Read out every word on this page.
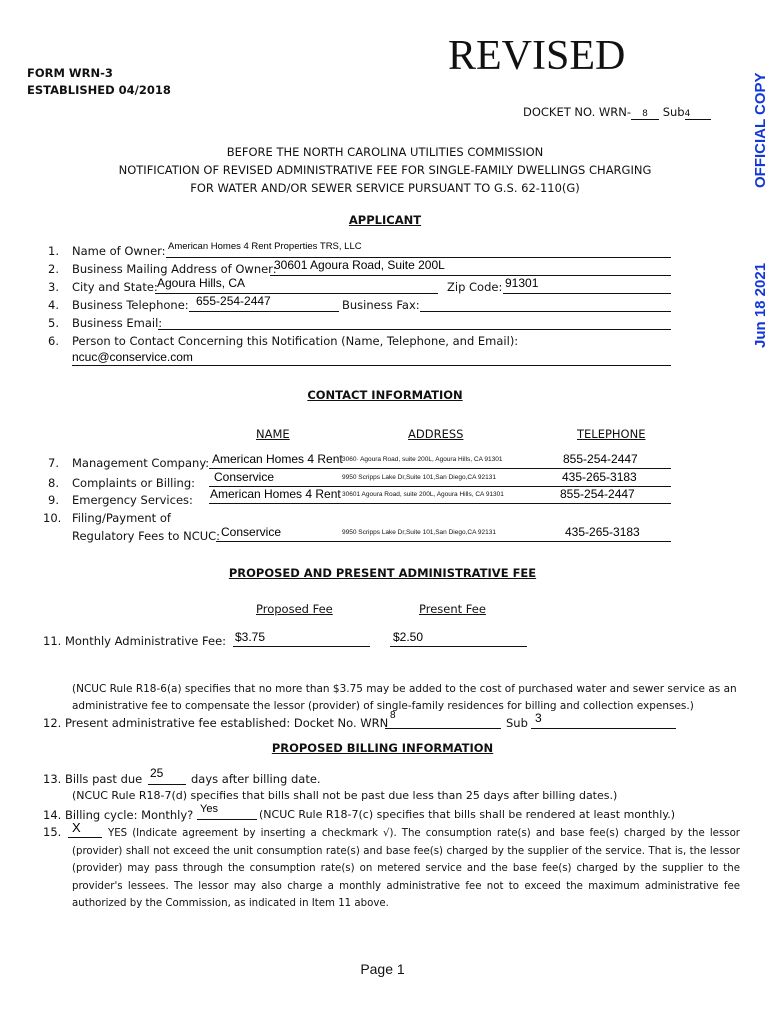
FORM WRN-3
ESTABLISHED 04/2018
REVISED
OFFICIAL COPY
Jun 18 2021
DOCKET NO. WRN- 8 Sub4
BEFORE THE NORTH CAROLINA UTILITIES COMMISSION
NOTIFICATION OF REVISED ADMINISTRATIVE FEE FOR SINGLE-FAMILY DWELLINGS CHARGING
FOR WATER AND/OR SEWER SERVICE PURSUANT TO G.S. 62-110(G)
APPLICANT
1. Name of Owner: American Homes 4 Rent Properties TRS, LLC
2. Business Mailing Address of Owner:
30601 Agoura Road, Suite 200L
3. City and State: Agoura Hills, CA	Zip Code: 91301
4. Business Telephone: 655-254-2447	Business Fax:
5. Business Email:
6. Person to Contact Concerning this Notification (Name, Telephone, and Email):
ncuc@conservice.com
CONTACT INFORMATION
NAME	ADDRESS	TELEPHONE
7. Management Company: American Homes 4 Rent 3060· Agoura Road, suite 200L, Agoura Hills, CA 91301	855-254-2447
8. Complaints or Billing: Conservice	9950 Scripps Lake Dr,Suite 101,San Diego,CA 92131	435-265-3183
9. Emergency Services: American Homes 4 Rent 30601 Agoura Road, suite 200L, Agoura Hills, CA 91301	855-254-2447
10. Filing/Payment of
Regulatory Fees to NCUC: Conservice	9950 Scripps Lake Dr,Suite 101,San Diego,CA 92131	435-265-3183
PROPOSED AND PRESENT ADMINISTRATIVE FEE
Proposed Fee	Present Fee
11. Monthly Administrative Fee: $3.75	$2.50
(NCUC Rule R18-6(a) specifies that no more than $3.75 may be added to the cost of purchased water and sewer service as an administrative fee to compensate the lessor (provider) of single-family residences for billing and collection expenses.)
12. Present administrative fee established: Docket No. WRN
8
Sub 3
PROPOSED BILLING INFORMATION
13. Bills past due 25 days after billing date.
(NCUC Rule R18-7(d) specifies that bills shall not be past due less than 25 days after billing dates.)
14. Billing cycle: Monthly? Yes	(NCUC Rule R18-7(c) specifies that bills shall be rendered at least monthly.)
15. X	YES (Indicate agreement by inserting a checkmark √). The consumption rate(s) and base fee(s) charged by the lessor (provider) shall not exceed the unit consumption rate(s) and base fee(s) charged by the supplier of the service. That is, the lessor (provider) may pass through the consumption rate(s) on metered service and the base fee(s) charged by the supplier to the provider's lessees. The lessor may also charge a monthly administrative fee not to exceed the maximum administrative fee authorized by the Commission, as indicated in Item 11 above.
Page 1
